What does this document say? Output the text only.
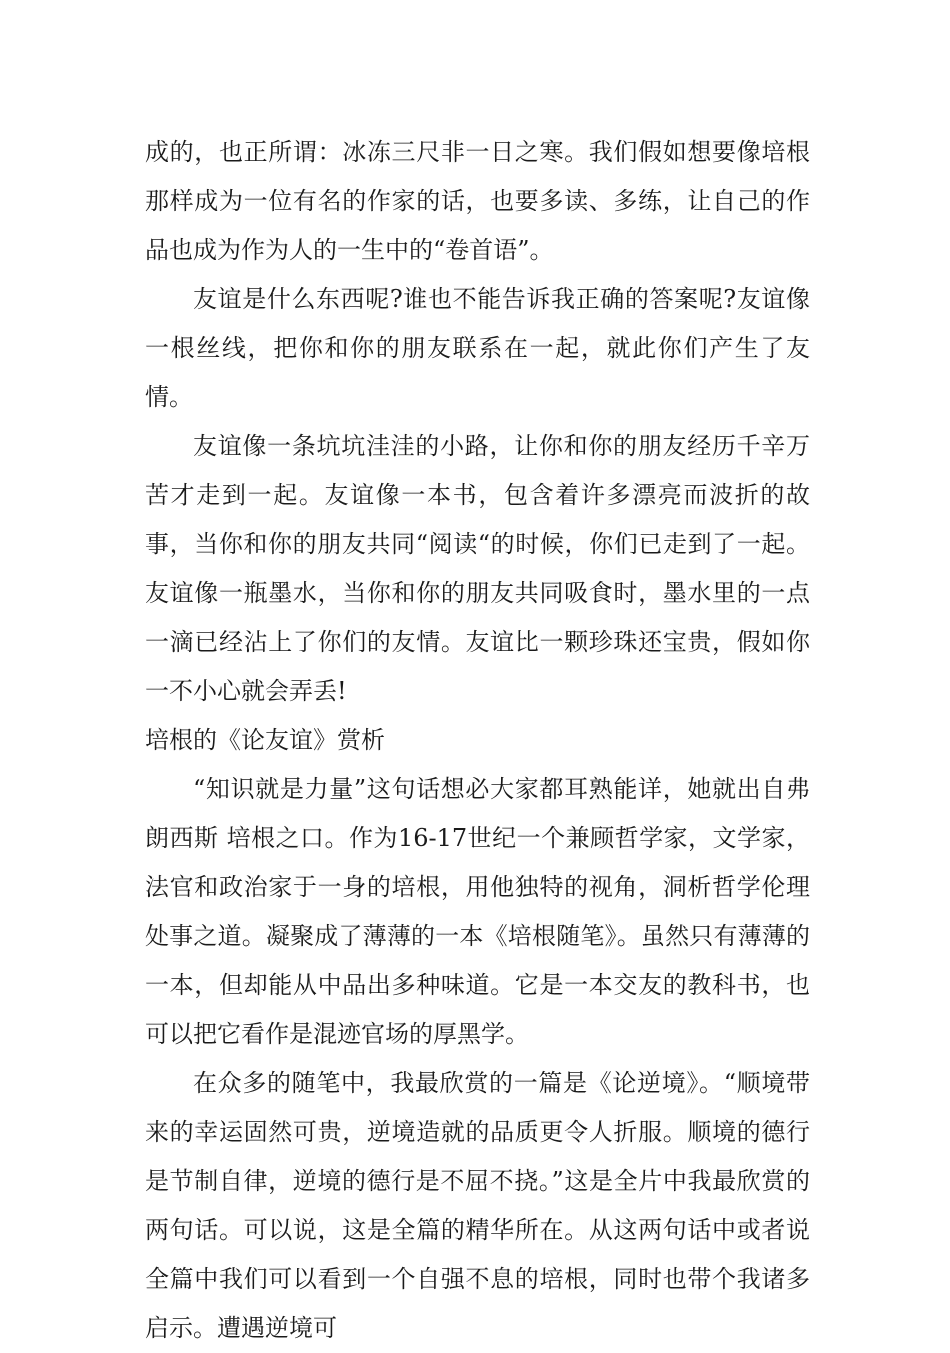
成的，也正所谓：冰冻三尺非一日之寒。我们假如想要像培根那样成为一位有名的作家的话，也要多读、多练，让自己的作品也成为作为人的一生中的“卷首语”。

友谊是什么东西呢?谁也不能告诉我正确的答案呢?友谊像一根丝线，把你和你的朋友联系在一起，就此你们产生了友情。

友谊像一条坑坑洼洼的小路，让你和你的朋友经历千辛万苦才走到一起。友谊像一本书，包含着许多漂亮而波折的故事，当你和你的朋友共同“阅读“的时候，你们已走到了一起。友谊像一瓶墨水，当你和你的朋友共同吸食时，墨水里的一点一滴已经沾上了你们的友情。友谊比一颗珍珠还宝贵，假如你一不小心就会弄丢!

培根的《论友谊》赏析

“知识就是力量”这句话想必大家都耳熟能详，她就出自弗朗西斯 培根之口。作为16-17世纪一个兼顾哲学家，文学家，法官和政治家于一身的培根，用他独特的视角，洞析哲学伦理处事之道。凝聚成了薄薄的一本《培根随笔》。虽然只有薄薄的一本，但却能从中品出多种味道。它是一本交友的教科书，也可以把它看作是混迹官场的厚黑学。

在众多的随笔中，我最欣赏的一篇是《论逆境》。“顺境带来的幸运固然可贵，逆境造就的品质更令人折服。顺境的德行是节制自律，逆境的德行是不屈不挠。”这是全片中我最欣赏的两句话。可以说，这是全篇的精华所在。从这两句话中或者说全篇中我们可以看到一个自强不息的培根，同时也带个我诸多启示。遭遇逆境可
